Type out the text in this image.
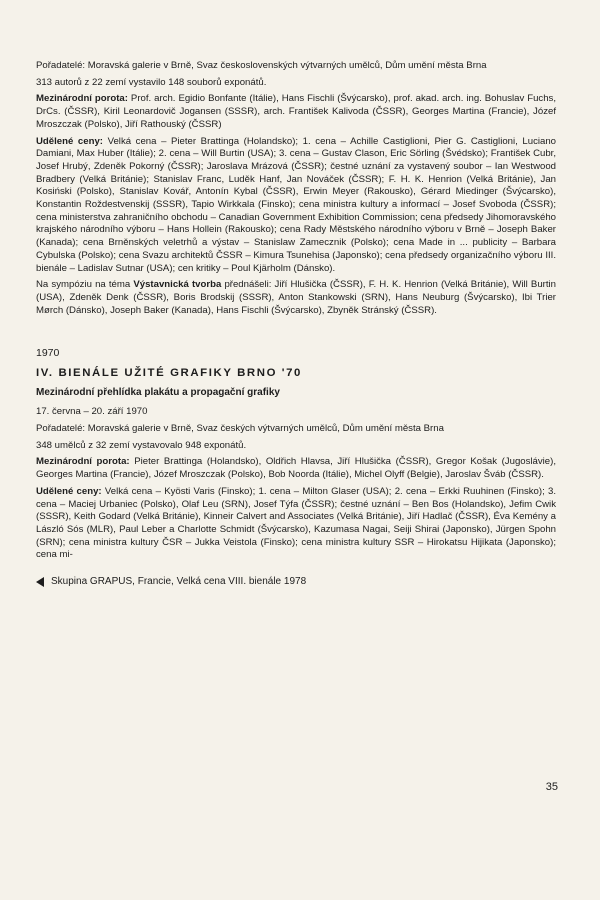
Pořadatelé: Moravská galerie v Brně, Svaz československých výtvarných umělců, Dům umění města Brna

313 autorů z 22 zemí vystavilo 148 souborů exponátů.

Mezinárodní porota: Prof. arch. Egidio Bonfante (Itálie), Hans Fischli (Švýcarsko), prof. akad. arch. ing. Bohuslav Fuchs, DrCs. (ČSSR), Kiril Leonardovič Jogansen (SSSR), arch. František Kalivoda (ČSSR), Georges Martina (Francie), Józef Mroszczak (Polsko), Jiří Rathouský (ČSSR)

Udělené ceny: Velká cena – Pieter Brattinga (Holandsko); 1. cena – Achille Castiglioni, Pier G. Castiglioni, Luciano Damiani, Max Huber (Itálie); 2. cena – Will Burtin (USA); 3. cena – Gustav Clason, Eric Sörling (Švédsko); František Cubr, Josef Hrubý, Zdeněk Pokorný (ČSSR); Jaroslava Mrázová (ČSSR); čestné uznání za vystavený soubor – Ian Westwood Bradbery (Velká Británie); Stanislav Franc, Luděk Hanf, Jan Nováček (ČSSR); F. H. K. Henrion (Velká Británie), Jan Kosiński (Polsko), Stanislav Kovář, Antonín Kybal (ČSSR), Erwin Meyer (Rakousko), Gérard Miedinger (Švýcarsko), Konstantin Roždestvenskij (SSSR), Tapio Wirkkala (Finsko); cena ministra kultury a informací – Josef Svoboda (ČSSR); cena ministerstva zahraničního obchodu – Canadian Government Exhibition Commission; cena předsedy Jihomoravského krajského národního výboru – Hans Hollein (Rakousko); cena Rady Městského národního výboru v Brně – Joseph Baker (Kanada); cena Brněnských veletrhů a výstav – Stanislaw Zamecznik (Polsko); cena Made in ... publicity – Barbara Cybulska (Polsko); cena Svazu architektů ČSSR – Kimura Tsunehisa (Japonsko); cena předsedy organizačního výboru III. bienále – Ladislav Sutnar (USA); cen kritiky – Poul Kjärholm (Dánsko).

Na sympóziu na téma Výstavnická tvorba přednášeli: Jiří Hlušička (ČSSR), F. H. K. Henrion (Velká Británie), Will Burtin (USA), Zdeněk Denk (ČSSR), Boris Brodskij (SSSR), Anton Stankowski (SRN), Hans Neuburg (Švýcarsko), Ibi Trier Mørch (Dánsko), Joseph Baker (Kanada), Hans Fischli (Švýcarsko), Zbyněk Stránský (ČSSR).

1970
IV. BIENÁLE UŽITÉ GRAFIKY BRNO '70
Mezinárodní přehlídka plakátu a propagační grafiky

17. června – 20. září 1970

Pořadatelé: Moravská galerie v Brně, Svaz českých výtvarných umělců, Dům umění města Brna

348 umělců z 32 zemí vystavovalo 948 exponátů.

Mezinárodní porota: Pieter Brattinga (Holandsko), Oldřich Hlavsa, Jiří Hlušička (ČSSR), Gregor Košak (Jugoslávie), Georges Martina (Francie), Józef Mroszczak (Polsko), Bob Noorda (Itálie), Michel Olyff (Belgie), Jaroslav Šváb (ČSSR).

Udělené ceny: Velká cena – Kyösti Varis (Finsko); 1. cena – Milton Glaser (USA); 2. cena – Erkki Ruuhinen (Finsko); 3. cena – Maciej Urbaniec (Polsko), Olaf Leu (SRN), Josef Týfa (ČSSR); čestné uznání – Ben Bos (Holandsko), Jefim Cwik (SSSR), Keith Godard (Velká Británie), Kinneir Calvert and Associates (Velká Británie), Jiří Hadlač (ČSSR), Éva Kemény a László Sós (MLR), Paul Leber a Charlotte Schmidt (Švýcarsko), Kazumasa Nagai, Seiji Shirai (Japonsko), Jürgen Spohn (SRN); cena ministra kultury ČSR – Jukka Veistola (Finsko); cena ministra kultury SSR – Hirokatsu Hijikata (Japonsko); cena mi-

Skupina GRAPUS, Francie, Velká cena VIII. bienále 1978
35
